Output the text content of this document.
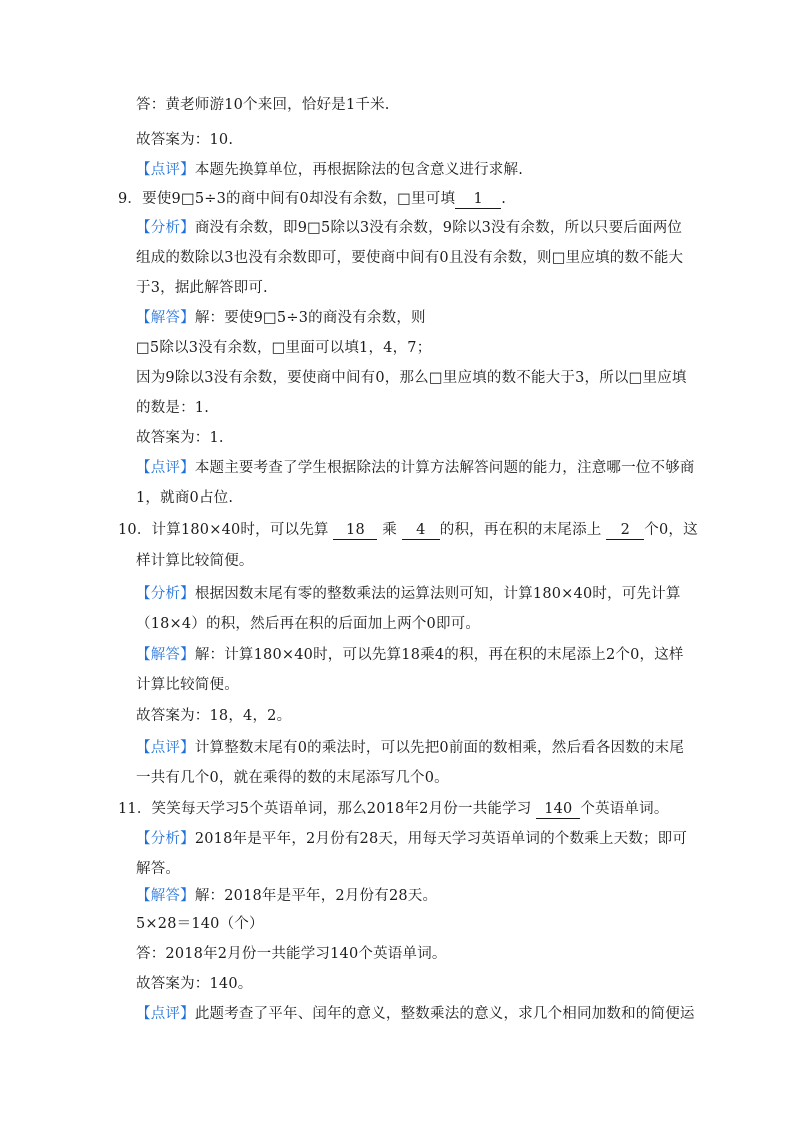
答：黄老师游10个来回，恰好是1千米.
故答案为：10.
【点评】本题先换算单位，再根据除法的包含意义进行求解.
9．要使9□5÷3的商中间有0却没有余数，□里可填 1 .
【分析】商没有余数，即9□5除以3没有余数，9除以3没有余数，所以只要后面两位
组成的数除以3也没有余数即可，要使商中间有0且没有余数，则□里应填的数不能大
于3，据此解答即可.
【解答】解：要使9□5÷3的商没有余数，则
□5除以3没有余数，□里面可以填1，4，7；
因为9除以3没有余数，要使商中间有0，那么□里应填的数不能大于3，所以□里应填
的数是：1.
故答案为：1.
【点评】本题主要考查了学生根据除法的计算方法解答问题的能力，注意哪一位不够商
1，就商0占位.
10．计算180×40时，可以先算 18 乘 4 的积，再在积的末尾添上 2 个0，这
样计算比较简便。
【分析】根据因数末尾有零的整数乘法的运算法则可知，计算180×40时，可先计算
（18×4）的积，然后再在积的后面加上两个0即可。
【解答】解：计算180×40时，可以先算18乘4的积，再在积的末尾添上2个0，这样
计算比较简便。
故答案为：18，4，2。
【点评】计算整数末尾有0的乘法时，可以先把0前面的数相乘，然后看各因数的末尾
一共有几个0，就在乘得的数的末尾添写几个0。
11．笑笑每天学习5个英语单词，那么2018年2月份一共能学习 140 个英语单词。
【分析】2018年是平年，2月份有28天，用每天学习英语单词的个数乘上天数；即可
解答。
【解答】解：2018年是平年，2月份有28天。
5×28＝140（个）
答：2018年2月份一共能学习140个英语单词。
故答案为：140。
【点评】此题考查了平年、闰年的意义，整数乘法的意义，求几个相同加数和的简便运
